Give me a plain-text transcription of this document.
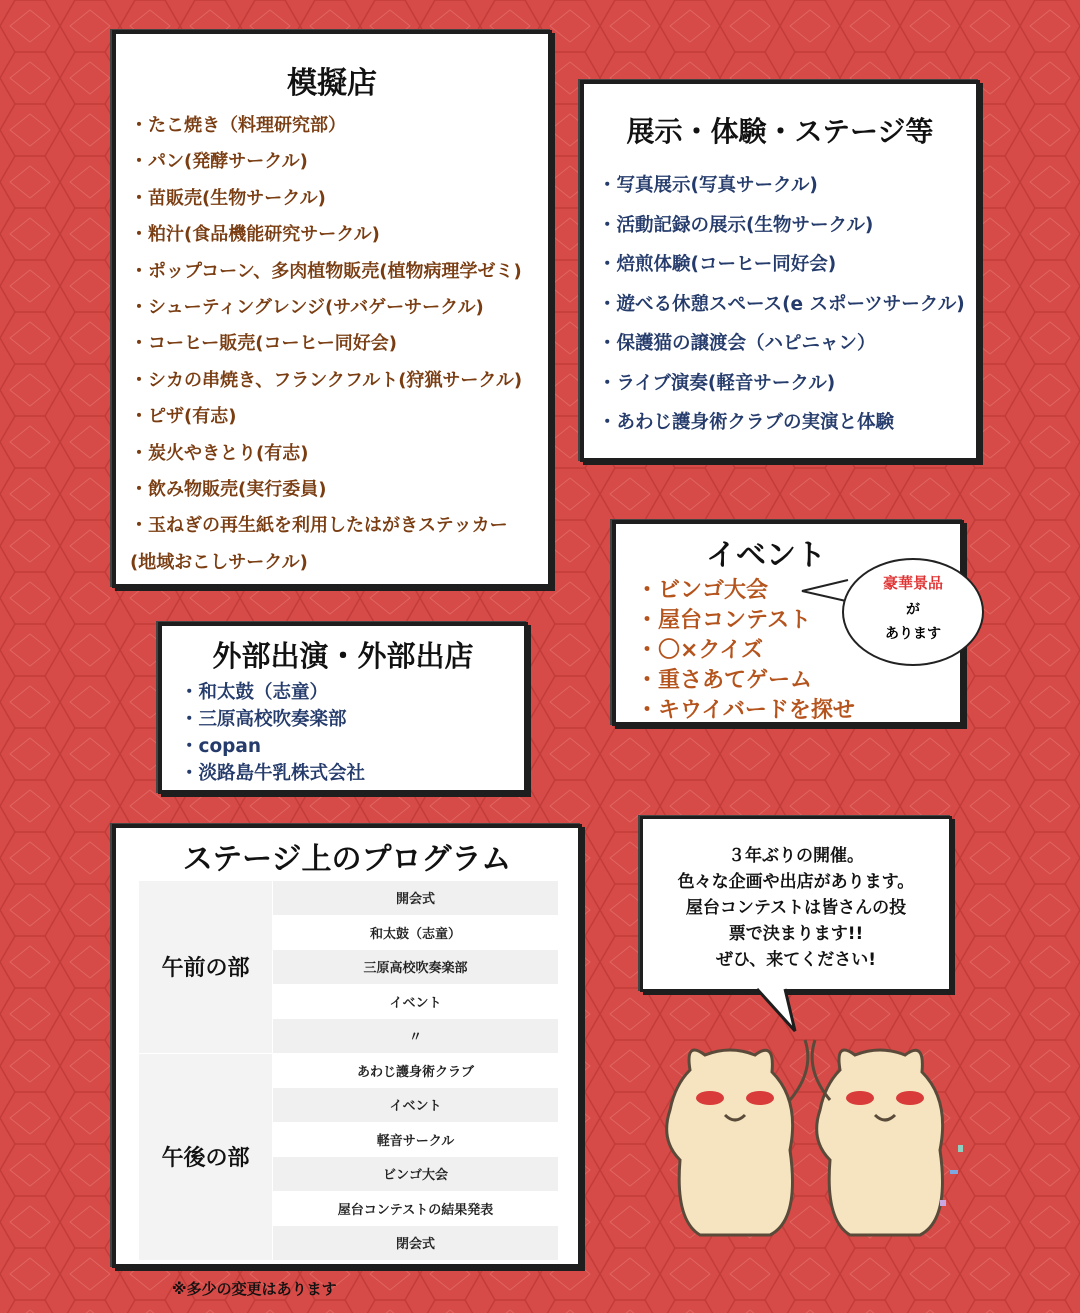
模擬店
・たこ焼き（料理研究部）
・パン(発酵サークル)
・苗販売(生物サークル)
・粕汁(食品機能研究サークル)
・ポップコーン、多肉植物販売(植物病理学ゼミ)
・シューティングレンジ(サバゲーサークル)
・コーヒー販売(コーヒー同好会)
・シカの串焼き、フランクフルト(狩猟サークル)
・ピザ(有志)
・炭火やきとり(有志)
・飲み物販売(実行委員)
・玉ねぎの再生紙を利用したはがきステッカー
(地域おこしサークル)
展示・体験・ステージ等
・写真展示(写真サークル)
・活動記録の展示(生物サークル)
・焙煎体験(コーヒー同好会)
・遊べる休憩スペース(e スポーツサークル)
・保護猫の譲渡会（ハピニャン）
・ライブ演奏(軽音サークル)
・あわじ護身術クラブの実演と体験
イベント
・ビンゴ大会
・屋台コンテスト
・〇×クイズ
・重さあてゲーム
・キウイバードを探せ
豪華景品
が
あります
外部出演・外部出店
・和太鼓（志童）
・三原高校吹奏楽部
・copan
・淡路島牛乳株式会社
ステージ上のプログラム
午前の部	開会式
	和太鼓（志童）
	三原高校吹奏楽部
	イベント
	〃
午後の部	あわじ護身術クラブ
	イベント
	軽音サークル
	ビンゴ大会
	屋台コンテストの結果発表
	閉会式
※多少の変更はあります
３年ぶりの開催。
色々な企画や出店があります。
屋台コンテストは皆さんの投
票で決まります!!
ぜひ、来てください!
